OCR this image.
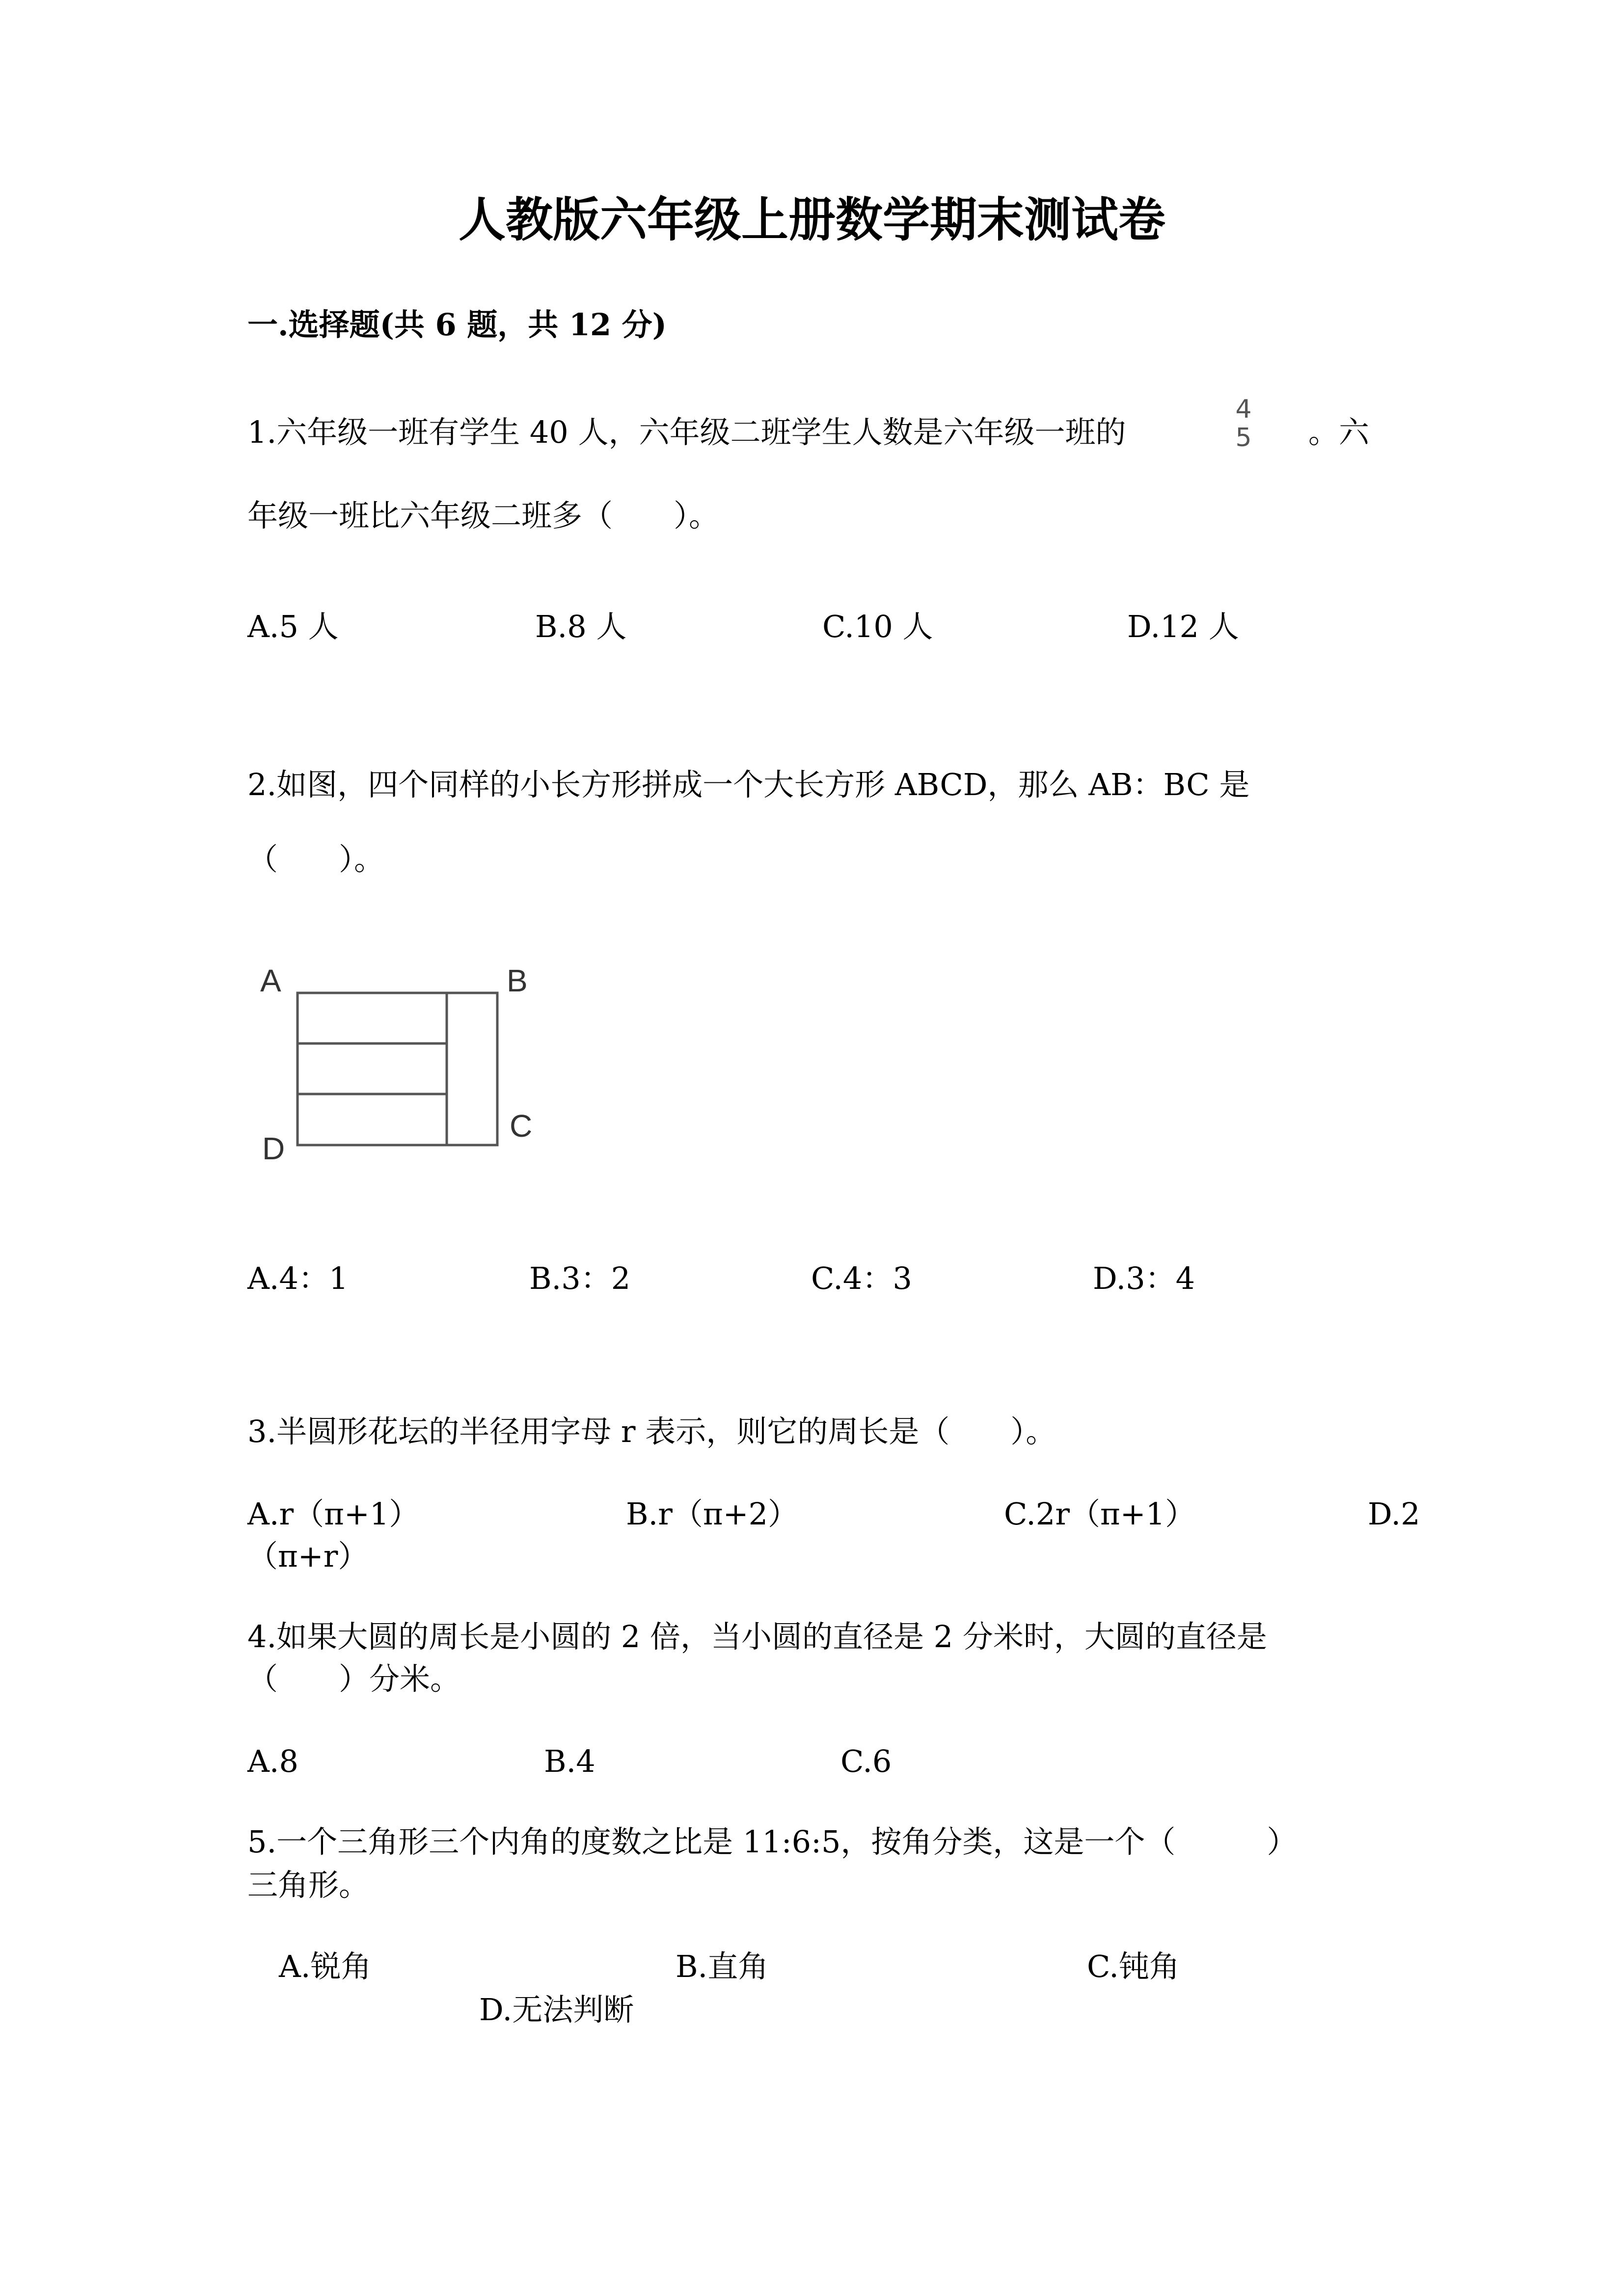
人教版六年级上册数学期末测试卷
一.选择题(共 6 题，共 12 分)
1.六年级一班有学生 40 人，六年级二班学生人数是六年级一班的
4
5 。六
年级一班比六年级二班多（　　）。
A.5 人	B.8 人	C.10 人	D.12 人
2.如图，四个同样的小长方形拼成一个大长方形 ABCD，那么 AB：BC 是
（　　）。
A	B
C
D
A.4：1	B.3：2	C.4：3	D.3：4
3.半圆形花坛的半径用字母 r 表示，则它的周长是（　　）。
A.r（π+1）	B.r（π+2）	C.2r（π+1）	D.2
（π+r）
4.如果大圆的周长是小圆的 2 倍，当小圆的直径是 2 分米时，大圆的直径是
（　　）分米。
A.8	B.4	C.6
5.一个三角形三个内角的度数之比是 11:6:5，按角分类，这是一个（　　　）
三角形。
A.锐角	B.直角	C.钝角
D.无法判断
